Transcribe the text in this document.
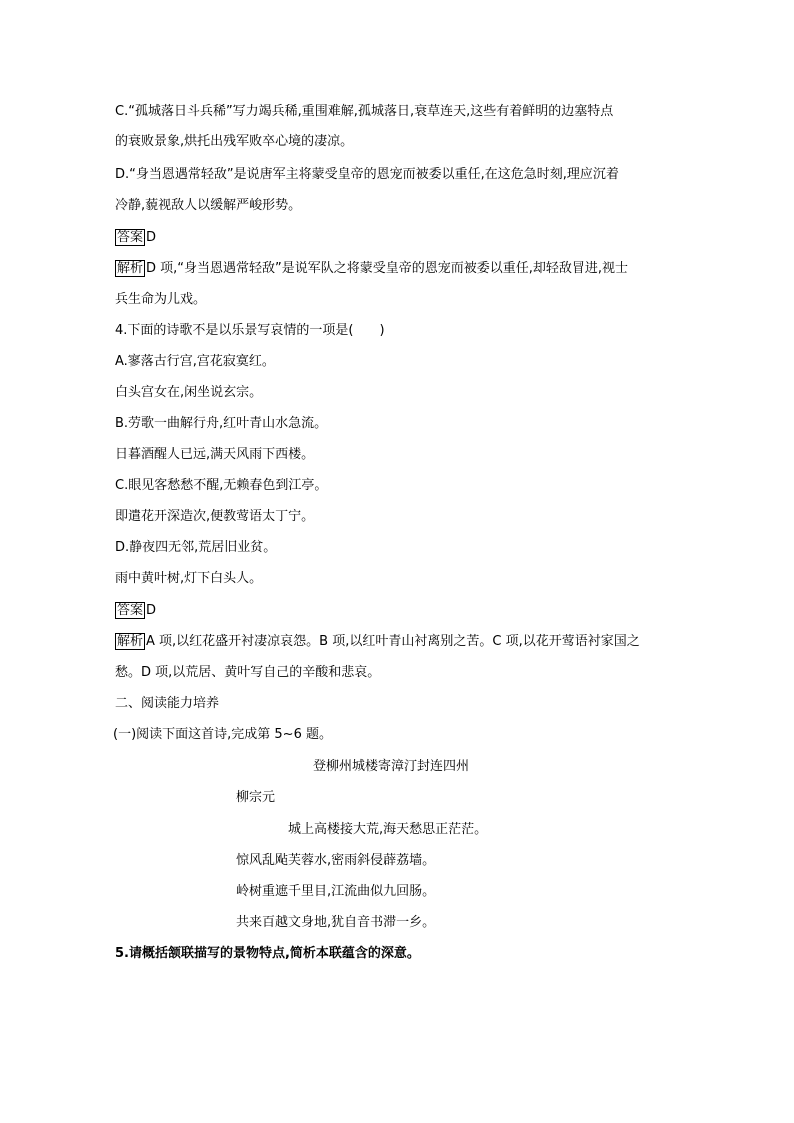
C.“孤城落日斗兵稀”写力竭兵稀,重围难解,孤城落日,衰草连天,这些有着鲜明的边塞特点
的衰败景象,烘托出残军败卒心境的凄凉。
D.“身当恩遇常轻敌”是说唐军主将蒙受皇帝的恩宠而被委以重任,在这危急时刻,理应沉着
冷静,藐视敌人以缓解严峻形势。
答案 D
解析 D 项,“身当恩遇常轻敌”是说军队之将蒙受皇帝的恩宠而被委以重任,却轻敌冒进,视士
兵生命为儿戏。
4.下面的诗歌不是以乐景写哀情的一项是(　　)
A.寥落古行宫,宫花寂寞红。
白头宫女在,闲坐说玄宗。
B.劳歌一曲解行舟,红叶青山水急流。
日暮酒醒人已远,满天风雨下西楼。
C.眼见客愁愁不醒,无赖春色到江亭。
即遣花开深造次,便教莺语太丁宁。
D.静夜四无邻,荒居旧业贫。
雨中黄叶树,灯下白头人。
答案 D
解析 A 项,以红花盛开衬凄凉哀怨。B 项,以红叶青山衬离别之苦。C 项,以花开莺语衬家国之
愁。D 项,以荒居、黄叶写自己的辛酸和悲哀。
二、阅读能力培养
(一)阅读下面这首诗,完成第 5~6 题。
登柳州城楼寄漳汀封连四州
柳宗元
城上高楼接大荒,海天愁思正茫茫。
惊风乱飐芙蓉水,密雨斜侵薜荔墙。
岭树重遮千里目,江流曲似九回肠。
共来百越文身地,犹自音书滞一乡。
5.请概括颔联描写的景物特点,简析本联蕴含的深意。
